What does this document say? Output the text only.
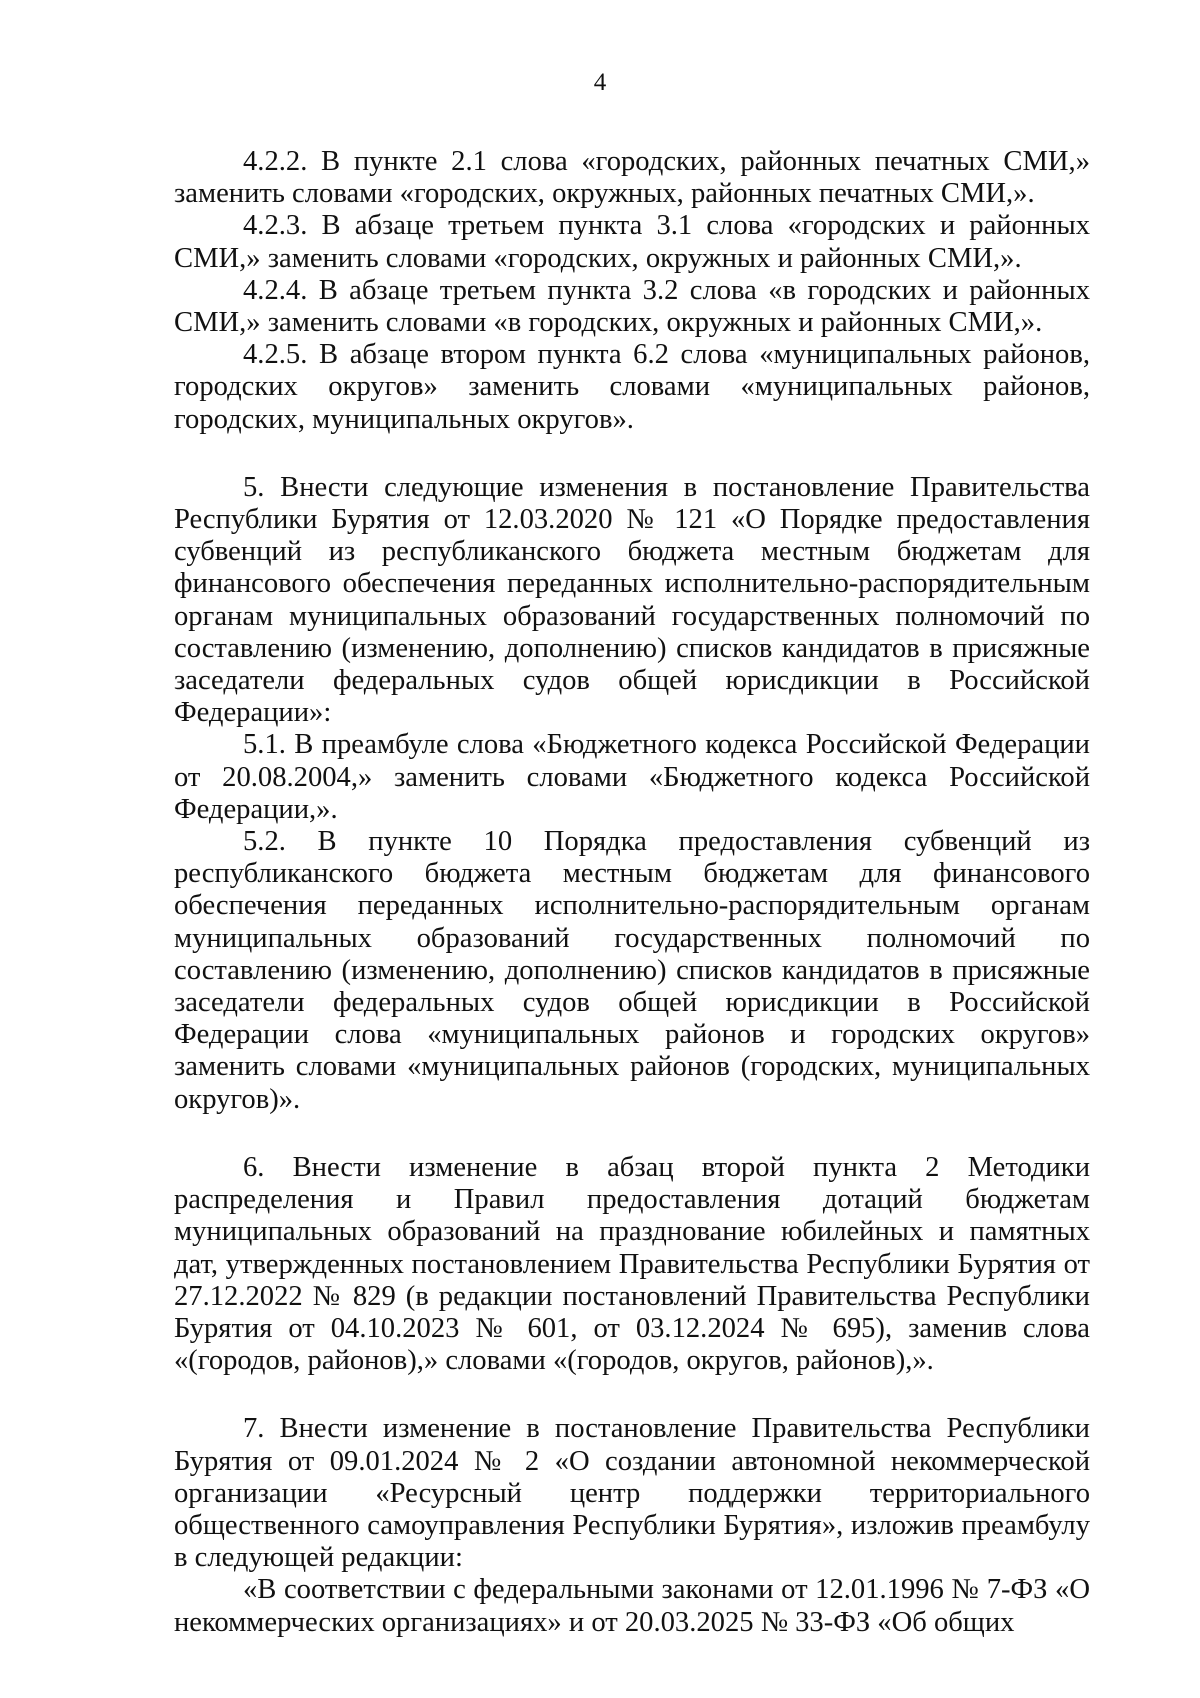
4

4.2.2. В пункте 2.1 слова «городских, районных печатных СМИ,» заменить словами «городских, окружных, районных печатных СМИ,».

4.2.3. В абзаце третьем пункта 3.1 слова «городских и районных СМИ,» заменить словами «городских, окружных и районных СМИ,».

4.2.4. В абзаце третьем пункта 3.2 слова «в городских и районных СМИ,» заменить словами «в городских, окружных и районных СМИ,».

4.2.5. В абзаце втором пункта 6.2 слова «муниципальных районов, городских округов» заменить словами «муниципальных районов, городских, муниципальных округов».

5. Внести следующие изменения в постановление Правительства Республики Бурятия от 12.03.2020 № 121 «О Порядке предоставления субвенций из республиканского бюджета местным бюджетам для финансового обеспечения переданных исполнительно-распорядительным органам муниципальных образований государственных полномочий по составлению (изменению, дополнению) списков кандидатов в присяжные заседатели федеральных судов общей юрисдикции в Российской Федерации»:

5.1. В преамбуле слова «Бюджетного кодекса Российской Федерации от 20.08.2004,» заменить словами «Бюджетного кодекса Российской Федерации,».

5.2. В пункте 10 Порядка предоставления субвенций из республиканского бюджета местным бюджетам для финансового обеспечения переданных исполнительно-распорядительным органам муниципальных образований государственных полномочий по составлению (изменению, дополнению) списков кандидатов в присяжные заседатели федеральных судов общей юрисдикции в Российской Федерации слова «муниципальных районов и городских округов» заменить словами «муниципальных районов (городских, муниципальных округов)».

6. Внести изменение в абзац второй пункта 2 Методики распределения и Правил предоставления дотаций бюджетам муниципальных образований на празднование юбилейных и памятных дат, утвержденных постановлением Правительства Республики Бурятия от 27.12.2022 № 829 (в редакции постановлений Правительства Республики Бурятия от 04.10.2023 № 601, от 03.12.2024 № 695), заменив слова «(городов, районов),» словами «(городов, округов, районов),».

7. Внести изменение в постановление Правительства Республики Бурятия от 09.01.2024 № 2 «О создании автономной некоммерческой организации «Ресурсный центр поддержки территориального общественного самоуправления Республики Бурятия», изложив преамбулу в следующей редакции:

«В соответствии с федеральными законами от 12.01.1996 № 7-ФЗ «О некоммерческих организациях» и от 20.03.2025 № 33-ФЗ «Об общих
